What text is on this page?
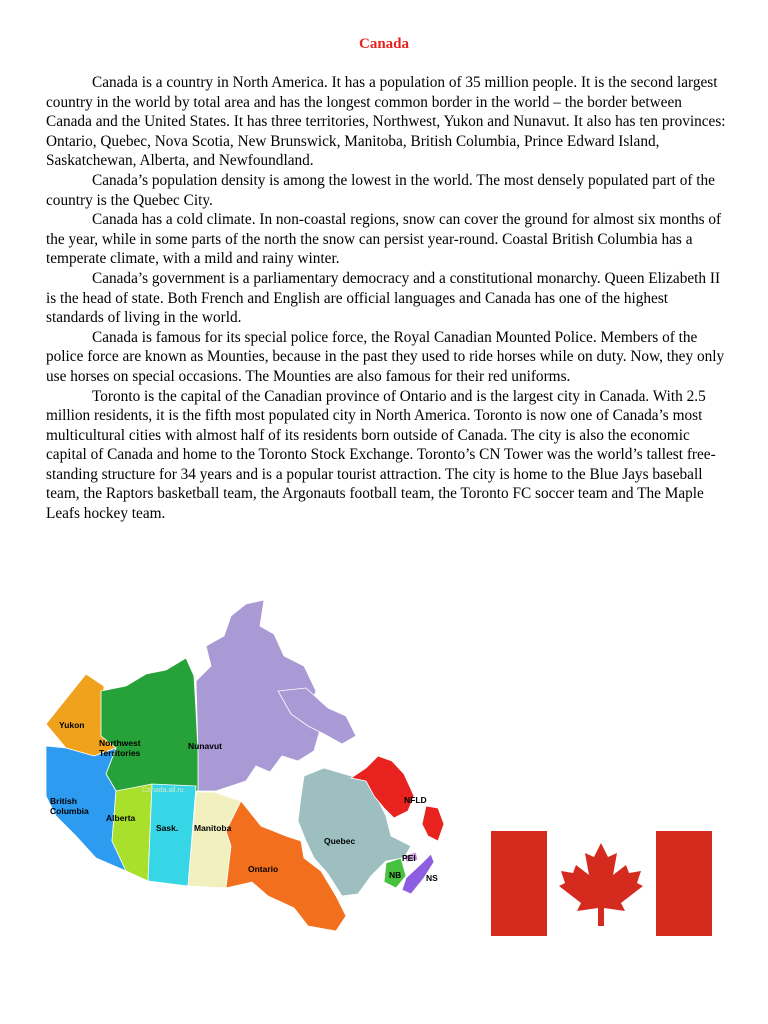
Canada

Canada is a country in North America. It has a population of 35 million people. It is the second largest country in the world by total area and has the longest common border in the world – the border between Canada and the United States. It has three territories, Northwest, Yukon and Nunavut. It also has ten provinces: Ontario, Quebec, Nova Scotia, New Brunswick, Manitoba, British Columbia, Prince Edward Island, Saskatchewan, Alberta, and Newfoundland.

Canada’s population density is among the lowest in the world. The most densely populated part of the country is the Quebec City.

Canada has a cold climate. In non-coastal regions, snow can cover the ground for almost six months of the year, while in some parts of the north the snow can persist year-round. Coastal British Columbia has a temperate climate, with a mild and rainy winter.

Canada’s government is a parliamentary democracy and a constitutional monarchy. Queen Elizabeth II is the head of state. Both French and English are official languages and Canada has one of the highest standards of living in the world.

Canada is famous for its special police force, the Royal Canadian Mounted Police. Members of the police force are known as Mounties, because in the past they used to ride horses while on duty. Now, they only use horses on special occasions. The Mounties are also famous for their red uniforms.

Toronto is the capital of the Canadian province of Ontario and is the largest city in Canada. With 2.5 million residents, it is the fifth most populated city in North America. Toronto is now one of Canada’s most multicultural cities with almost half of its residents born outside of Canada. The city is also the economic capital of Canada and home to the Toronto Stock Exchange. Toronto’s CN Tower was the world’s tallest free-standing structure for 34 years and is a popular tourist attraction. The city is home to the Blue Jays baseball team, the Raptors basketball team, the Argonauts football team, the Toronto FC soccer team and The Maple Leafs hockey team.

Canada.all.ru
Yukon
Northwest
Territories
Nunavut
British
Columbia
Alberta
Sask. Manitoba
Ontario
Quebec
NFLD
PEI
NB	NS
